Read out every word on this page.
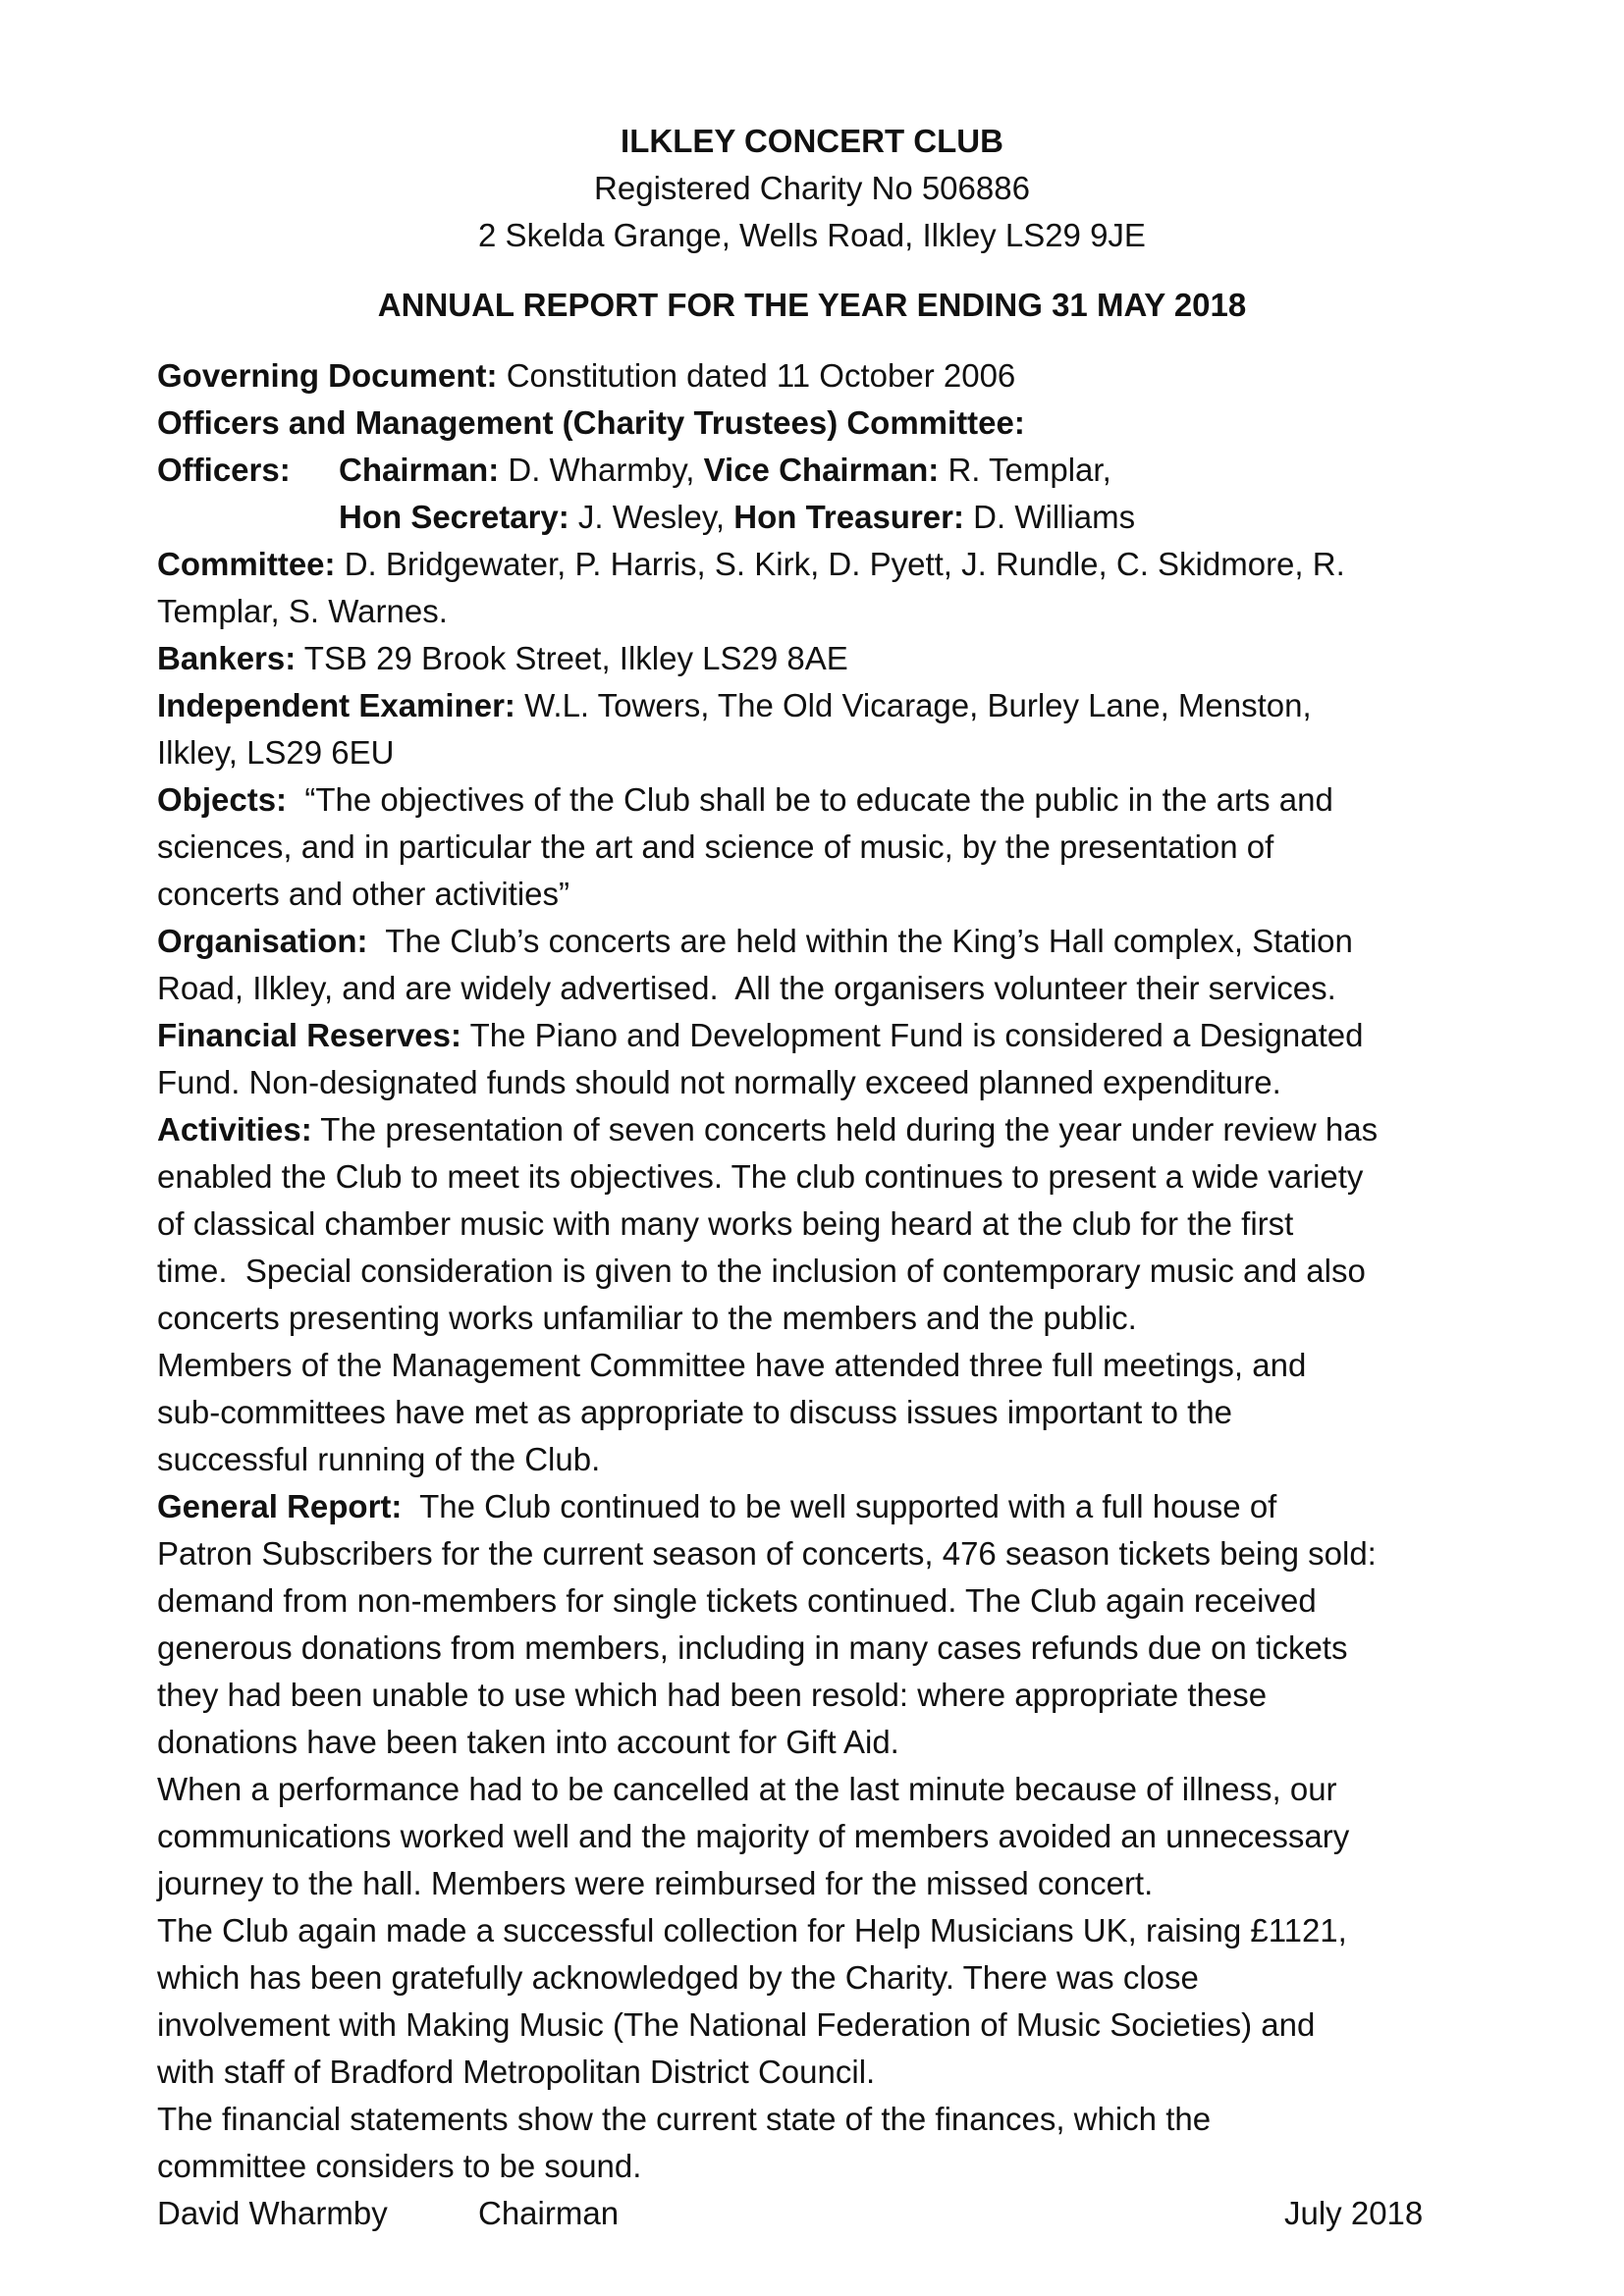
ILKLEY CONCERT CLUB
Registered Charity No 506886
2 Skelda Grange, Wells Road, Ilkley LS29 9JE
ANNUAL REPORT FOR THE YEAR ENDING 31 MAY 2018
Governing Document: Constitution dated 11 October 2006
Officers and Management (Charity Trustees) Committee:
Officers: Chairman: D. Wharmby, Vice Chairman: R. Templar,
Hon Secretary: J. Wesley, Hon Treasurer: D. Williams
Committee: D. Bridgewater, P. Harris, S. Kirk, D. Pyett, J. Rundle, C. Skidmore, R.
Templar, S. Warnes.
Bankers: TSB 29 Brook Street, Ilkley LS29 8AE
Independent Examiner: W.L. Towers, The Old Vicarage, Burley Lane, Menston,
Ilkley, LS29 6EU
Objects:  “The objectives of the Club shall be to educate the public in the arts and
sciences, and in particular the art and science of music, by the presentation of
concerts and other activities”
Organisation:  The Club’s concerts are held within the King’s Hall complex, Station
Road, Ilkley, and are widely advertised.  All the organisers volunteer their services.
Financial Reserves: The Piano and Development Fund is considered a Designated
Fund. Non-designated funds should not normally exceed planned expenditure.
Activities: The presentation of seven concerts held during the year under review has
enabled the Club to meet its objectives. The club continues to present a wide variety
of classical chamber music with many works being heard at the club for the first
time.  Special consideration is given to the inclusion of contemporary music and also
concerts presenting works unfamiliar to the members and the public.
Members of the Management Committee have attended three full meetings, and
sub-committees have met as appropriate to discuss issues important to the
successful running of the Club.
General Report:  The Club continued to be well supported with a full house of
Patron Subscribers for the current season of concerts, 476 season tickets being sold:
demand from non-members for single tickets continued. The Club again received
generous donations from members, including in many cases refunds due on tickets
they had been unable to use which had been resold: where appropriate these
donations have been taken into account for Gift Aid.
When a performance had to be cancelled at the last minute because of illness, our
communications worked well and the majority of members avoided an unnecessary
journey to the hall. Members were reimbursed for the missed concert.
The Club again made a successful collection for Help Musicians UK, raising £1121,
which has been gratefully acknowledged by the Charity. There was close
involvement with Making Music (The National Federation of Music Societies) and
with staff of Bradford Metropolitan District Council.
The financial statements show the current state of the finances, which the
committee considers to be sound.
David Wharmby	Chairman	July 2018
